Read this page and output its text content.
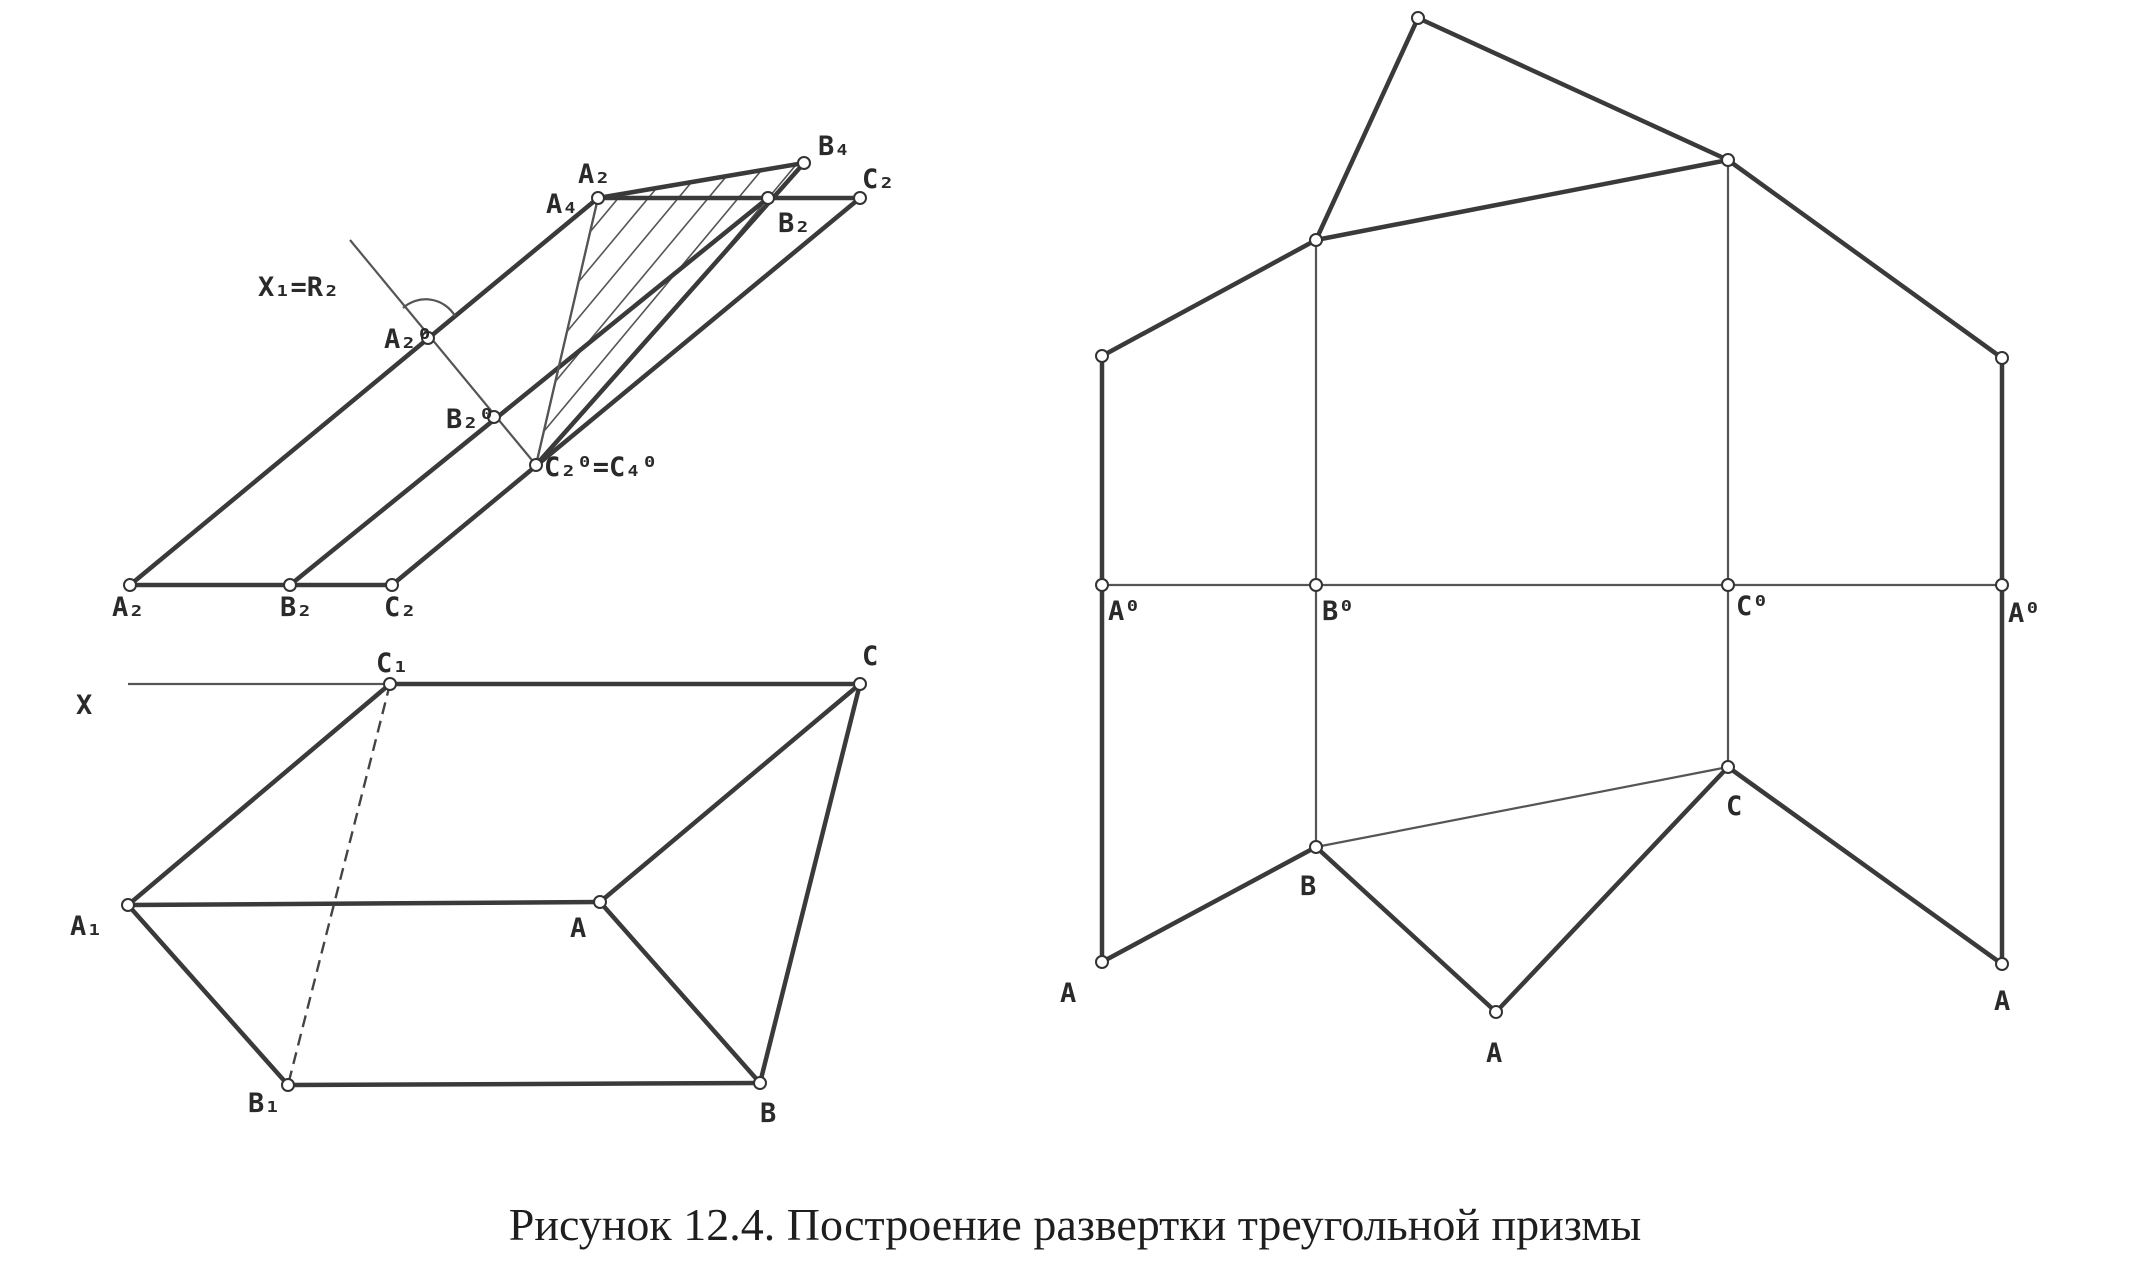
A₂
A₄
B₄
C₂
B₂
X₁=R₂
A₂⁰
B₂⁰
C₂⁰=C₄⁰
A₂	B₂	C₂
X
C₁	C
A₁	A
B₁	B
A⁰	B⁰	C⁰	A⁰
C
B
A
A
A
Рисунок 12.4. Построение развертки треугольной призмы
